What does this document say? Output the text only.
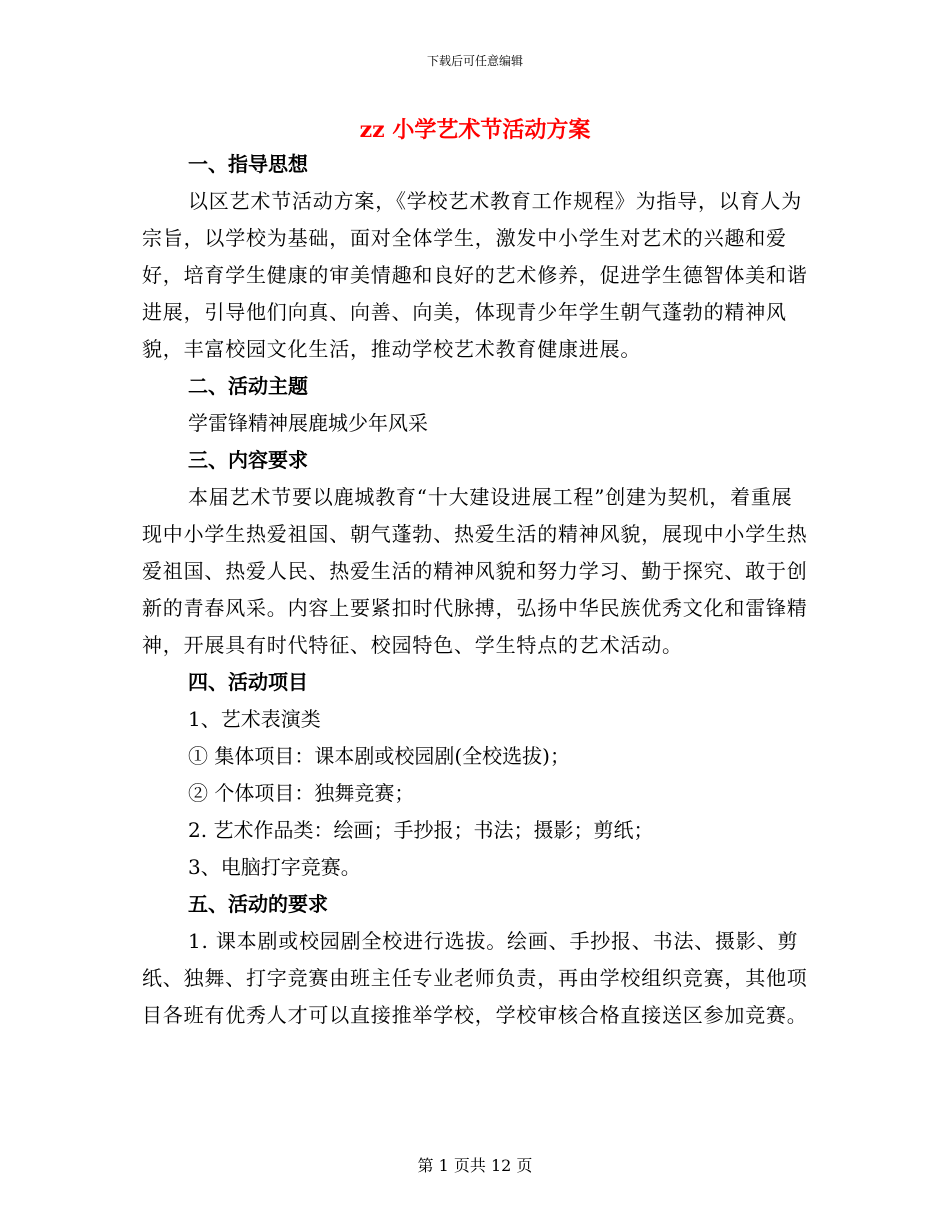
下载后可任意编辑
zz 小学艺术节活动方案

一、指导思想

以区艺术节活动方案，《学校艺术教育工作规程》为指导，以育人为宗旨，以学校为基础，面对全体学生，激发中小学生对艺术的兴趣和爱好，培育学生健康的审美情趣和良好的艺术修养，促进学生德智体美和谐进展，引导他们向真、向善、向美，体现青少年学生朝气蓬勃的精神风貌，丰富校园文化生活，推动学校艺术教育健康进展。

二、活动主题

学雷锋精神展鹿城少年风采

三、内容要求

本届艺术节要以鹿城教育“十大建设进展工程”创建为契机，着重展现中小学生热爱祖国、朝气蓬勃、热爱生活的精神风貌，展现中小学生热爱祖国、热爱人民、热爱生活的精神风貌和努力学习、勤于探究、敢于创新的青春风采。内容上要紧扣时代脉搏，弘扬中华民族优秀文化和雷锋精神，开展具有时代特征、校园特色、学生特点的艺术活动。

四、活动项目

1、艺术表演类

① 集体项目：课本剧或校园剧(全校选拔)；

② 个体项目：独舞竞赛；

2. 艺术作品类：绘画；手抄报；书法；摄影；剪纸；

3、电脑打字竞赛。

五、活动的要求

1. 课本剧或校园剧全校进行选拔。绘画、手抄报、书法、摄影、剪纸、独舞、打字竞赛由班主任专业老师负责，再由学校组织竞赛，其他项目各班有优秀人才可以直接推举学校，学校审核合格直接送区参加竞赛。

第 1 页共 12 页
